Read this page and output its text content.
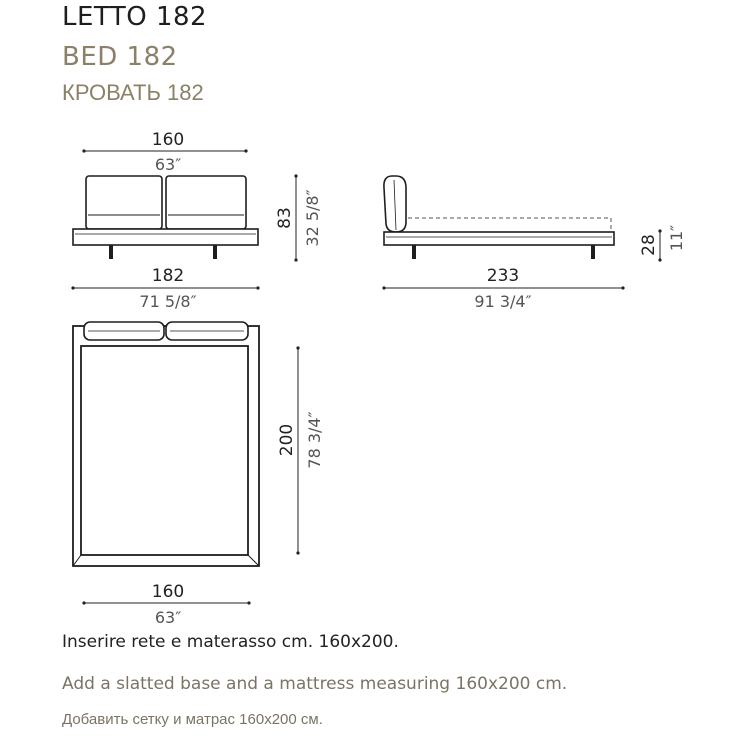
LETTO 182
BED 182
КРОВАТЬ 182
160
63″
83 32 5/8″
182
71 5/8″
28 11″
233
91 3/4″
200 78 3/4″
160
63″
Inserire rete e materasso cm. 160x200.
Add a slatted base and a mattress measuring 160x200 cm.
Добавить сетку и матрас 160x200 см.
